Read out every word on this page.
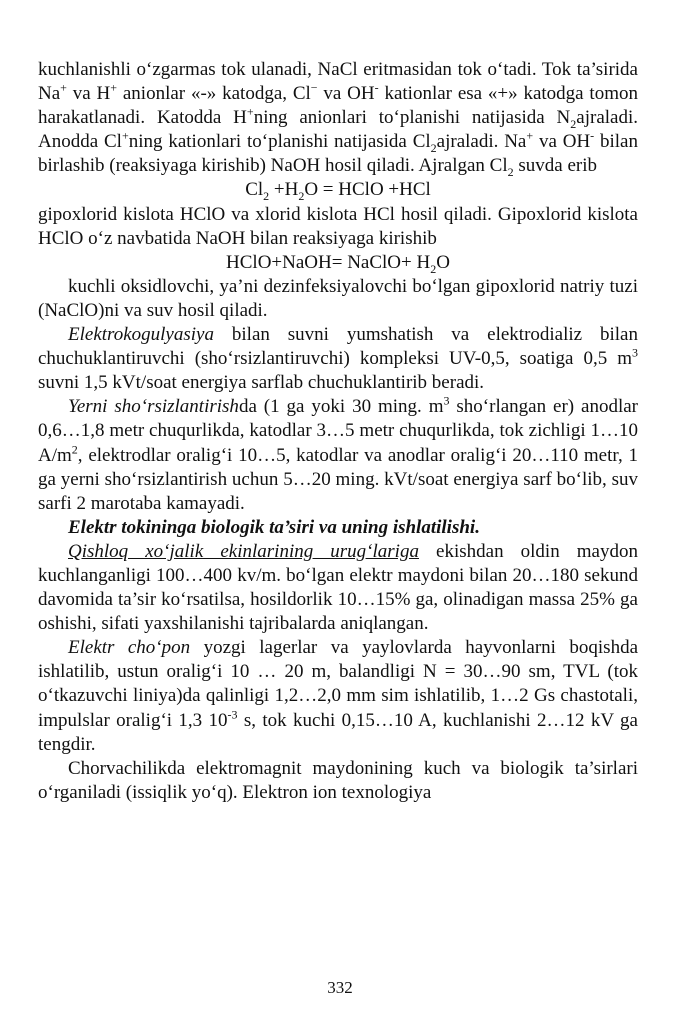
kuchlanishli o‘zgarmas tok ulanadi, NaCl eritmasidan tok o‘tadi. Tok ta’sirida Na+ va H+ anionlar «-» katodga, Cl− va OH- kationlar esa «+» katodga tomon harakatlanadi. Katodda H+ning anionlari to‘planishi natijasida $N_2ajraladi$. Anodda Cl+ning kationlari to‘planishi natijasida $Cl_2ajraladi$. Na+ va OH- bilan birlashib (reaksiyaga kirishib) NaOH hosil qiladi. Ajralgan $Cl_2$ suvda erib

$Cl_2 +H_2O$ = HClO +HCl

gipoxlorid kislota HClO va xlorid kislota HCl hosil qiladi. Gipoxlorid kislota HClO o‘z navbatida NaOH bilan reaksiyaga kirishib

HClO+NaOH= NaClO+ $H_2O$

kuchli oksidlovchi, ya’ni dezinfeksiyalovchi bo‘lgan gipoxlorid natriy tuzi (NaClO)ni va suv hosil qiladi.

Elektrokogulyasiya bilan suvni yumshatish va elektrodializ bilan chuchuklantiruvchi (sho‘rsizlantiruvchi) kompleksi UV-0,5, soatiga 0,5 $m^3$ suvni 1,5 kVt/soat energiya sarflab chuchuklantirib beradi.

Yerni sho‘rsizlantirishda (1 ga yoki 30 ming. $m^3$ sho‘rlangan er) anodlar 0,6…1,8 metr chuqurlikda, katodlar 3…5 metr chuqurlikda, tok zichligi 1…10 $A/m^2$, elektrodlar oralig‘i 10…5, katodlar va anodlar oralig‘i 20…110 metr, 1 ga yerni sho‘rsizlantirish uchun 5…20 ming. kVt/soat energiya sarf bo‘lib, suv sarfi 2 marotaba kamayadi.

Elektr tokininga biologik ta’siri va uning ishlatilishi.

Qishloq xo‘jalik ekinlarining urug‘lariga ekishdan oldin maydon kuchlanganligi 100…400 kv/m. bo‘lgan elektr maydoni bilan 20…180 sekund davomida ta’sir ko‘rsatilsa, hosildorlik 10…15% ga, olinadigan massa 25% ga oshishi, sifati yaxshilanishi tajribalarda aniqlangan.

Elektr cho‘pon yozgi lagerlar va yaylovlarda hayvonlarni boqishda ishlatilib, ustun oralig‘i 10 … 20 m, balandligi N = 30…90 sm, TVL (tok o‘tkazuvchi liniya)da qalinligi 1,2…2,0 mm sim ishlatilib, 1…2 Gs chastotali, impulslar oralig‘i 1,3 $10^{-3}$ s, tok kuchi 0,15…10 A, kuchlanishi 2…12 kV ga tengdir.

Chorvachilikda elektromagnit maydonining kuch va biologik ta’sirlari o‘rganiladi (issiqlik yo‘q). Elektron ion texnologiya

332
